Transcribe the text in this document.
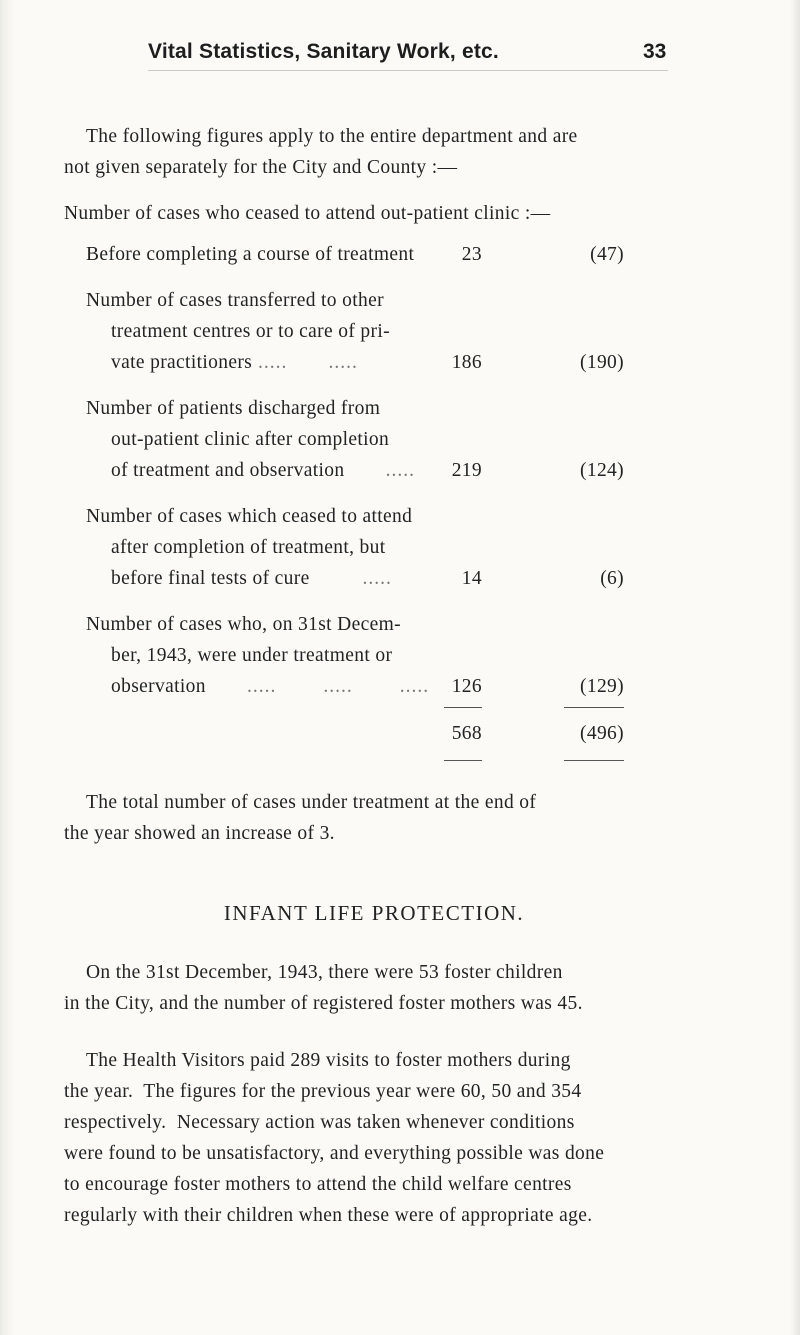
Vital Statistics, Sanitary Work, etc.	33

The following figures apply to the entire department and are
not given separately for the City and County :—

Number of cases who ceased to attend out-patient clinic :—

Before completing a course of treatment	23	(47)
Number of cases transferred to other
treatment centres or to care of pri-
vate practitioners .....       .....	186	(190)
Number of patients discharged from
out-patient clinic after completion
of treatment and observation       .....	219	(124)
Number of cases which ceased to attend
after completion of treatment, but
before final tests of cure         .....	14	(6)
Number of cases who, on 31st Decem-
ber, 1943, were under treatment or
observation       .....        .....        .....	126	(129)
568	(496)

The total number of cases under treatment at the end of
the year showed an increase of 3.

INFANT LIFE PROTECTION.

On the 31st December, 1943, there were 53 foster children
in the City, and the number of registered foster mothers was 45.

The Health Visitors paid 289 visits to foster mothers during
the year.  The figures for the previous year were 60, 50 and 354
respectively.  Necessary action was taken whenever conditions
were found to be unsatisfactory, and everything possible was done
to encourage foster mothers to attend the child welfare centres
regularly with their children when these were of appropriate age.
